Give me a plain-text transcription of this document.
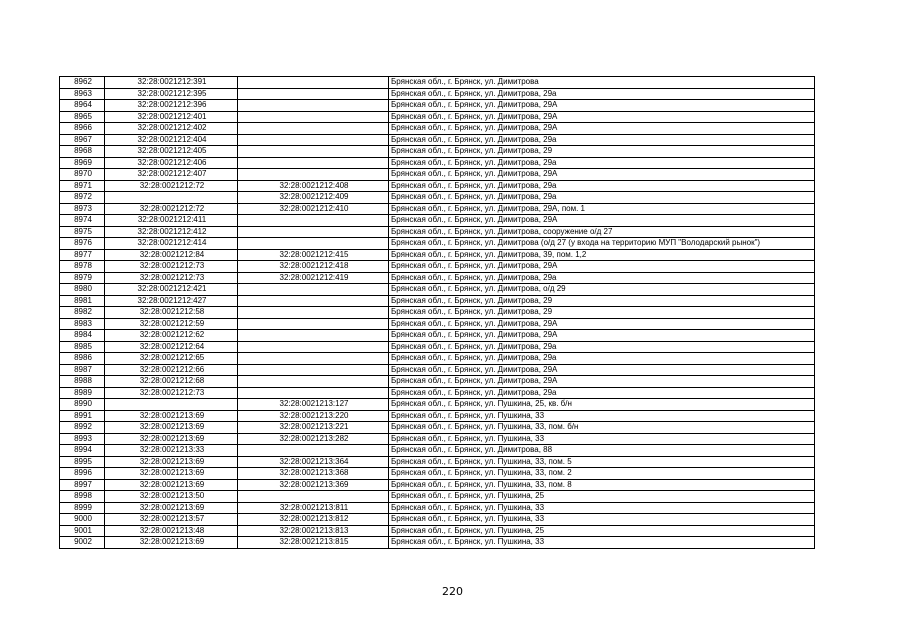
8962	32:28:0021212:391		Брянская обл., г. Брянск, ул. Димитрова
8963	32:28:0021212:395		Брянская обл., г. Брянск, ул. Димитрова, 29а
8964	32:28:0021212:396		Брянская обл., г. Брянск, ул. Димитрова, 29А
8965	32:28:0021212:401		Брянская обл., г. Брянск, ул. Димитрова, 29А
8966	32:28:0021212:402		Брянская обл., г. Брянск, ул. Димитрова, 29А
8967	32:28:0021212:404		Брянская обл., г. Брянск, ул. Димитрова, 29а
8968	32:28:0021212:405		Брянская обл., г. Брянск, ул. Димитрова, 29
8969	32:28:0021212:406		Брянская обл., г. Брянск, ул. Димитрова, 29а
8970	32:28:0021212:407		Брянская обл., г. Брянск, ул. Димитрова, 29А
8971	32:28:0021212:72	32:28:0021212:408	Брянская обл., г. Брянск, ул. Димитрова, 29а
8972		32:28:0021212:409	Брянская обл., г. Брянск, ул. Димитрова, 29а
8973	32:28:0021212:72	32:28:0021212:410	Брянская обл., г. Брянск, ул. Димитрова, 29А, пом. 1
8974	32:28:0021212:411		Брянская обл., г. Брянск, ул. Димитрова, 29А
8975	32:28:0021212:412		Брянская обл., г. Брянск, ул. Димитрова, сооружение о/д 27
8976	32:28:0021212:414		Брянская обл., г. Брянск, ул. Димитрова (о/д 27 (у входа на территорию МУП "Володарский рынок")
8977	32:28:0021212:84	32:28:0021212:415	Брянская обл., г. Брянск, ул. Димитрова, 39, пом. 1,2
8978	32:28:0021212:73	32:28:0021212:418	Брянская обл., г. Брянск, ул. Димитрова, 29А
8979	32:28:0021212:73	32:28:0021212:419	Брянская обл., г. Брянск, ул. Димитрова, 29а
8980	32:28:0021212:421		Брянская обл., г. Брянск, ул. Димитрова, о/д 29
8981	32:28:0021212:427		Брянская обл., г. Брянск, ул. Димитрова, 29
8982	32:28:0021212:58		Брянская обл., г. Брянск, ул. Димитрова, 29
8983	32:28:0021212:59		Брянская обл., г. Брянск, ул. Димитрова, 29А
8984	32:28:0021212:62		Брянская обл., г. Брянск, ул. Димитрова, 29А
8985	32:28:0021212:64		Брянская обл., г. Брянск, ул. Димитрова, 29а
8986	32:28:0021212:65		Брянская обл., г. Брянск, ул. Димитрова, 29а
8987	32:28:0021212:66		Брянская обл., г. Брянск, ул. Димитрова, 29А
8988	32:28:0021212:68		Брянская обл., г. Брянск, ул. Димитрова, 29А
8989	32:28:0021212:73		Брянская обл., г. Брянск, ул. Димитрова, 29а
8990		32:28:0021213:127	Брянская обл., г. Брянск, ул. Пушкина, 25, кв. б/н
8991	32:28:0021213:69	32:28:0021213:220	Брянская обл., г. Брянск, ул. Пушкина, 33
8992	32:28:0021213:69	32:28:0021213:221	Брянская обл., г. Брянск, ул. Пушкина, 33, пом. б/н
8993	32:28:0021213:69	32:28:0021213:282	Брянская обл., г. Брянск, ул. Пушкина, 33
8994	32:28:0021213:33		Брянская обл., г. Брянск, ул. Димитрова, 88
8995	32:28:0021213:69	32:28:0021213:364	Брянская обл., г. Брянск, ул. Пушкина, 33, пом. 5
8996	32:28:0021213:69	32:28:0021213:368	Брянская обл., г. Брянск, ул. Пушкина, 33, пом. 2
8997	32:28:0021213:69	32:28:0021213:369	Брянская обл., г. Брянск, ул. Пушкина, 33, пом. 8
8998	32:28:0021213:50		Брянская обл., г. Брянск, ул. Пушкина, 25
8999	32:28:0021213:69	32:28:0021213:811	Брянская обл., г. Брянск, ул. Пушкина, 33
9000	32:28:0021213:57	32:28:0021213:812	Брянская обл., г. Брянск, ул. Пушкина, 33
9001	32:28:0021213:48	32:28:0021213:813	Брянская обл., г. Брянск, ул. Пушкина, 25
9002	32:28:0021213:69	32:28:0021213:815	Брянская обл., г. Брянск, ул. Пушкина, 33
220
